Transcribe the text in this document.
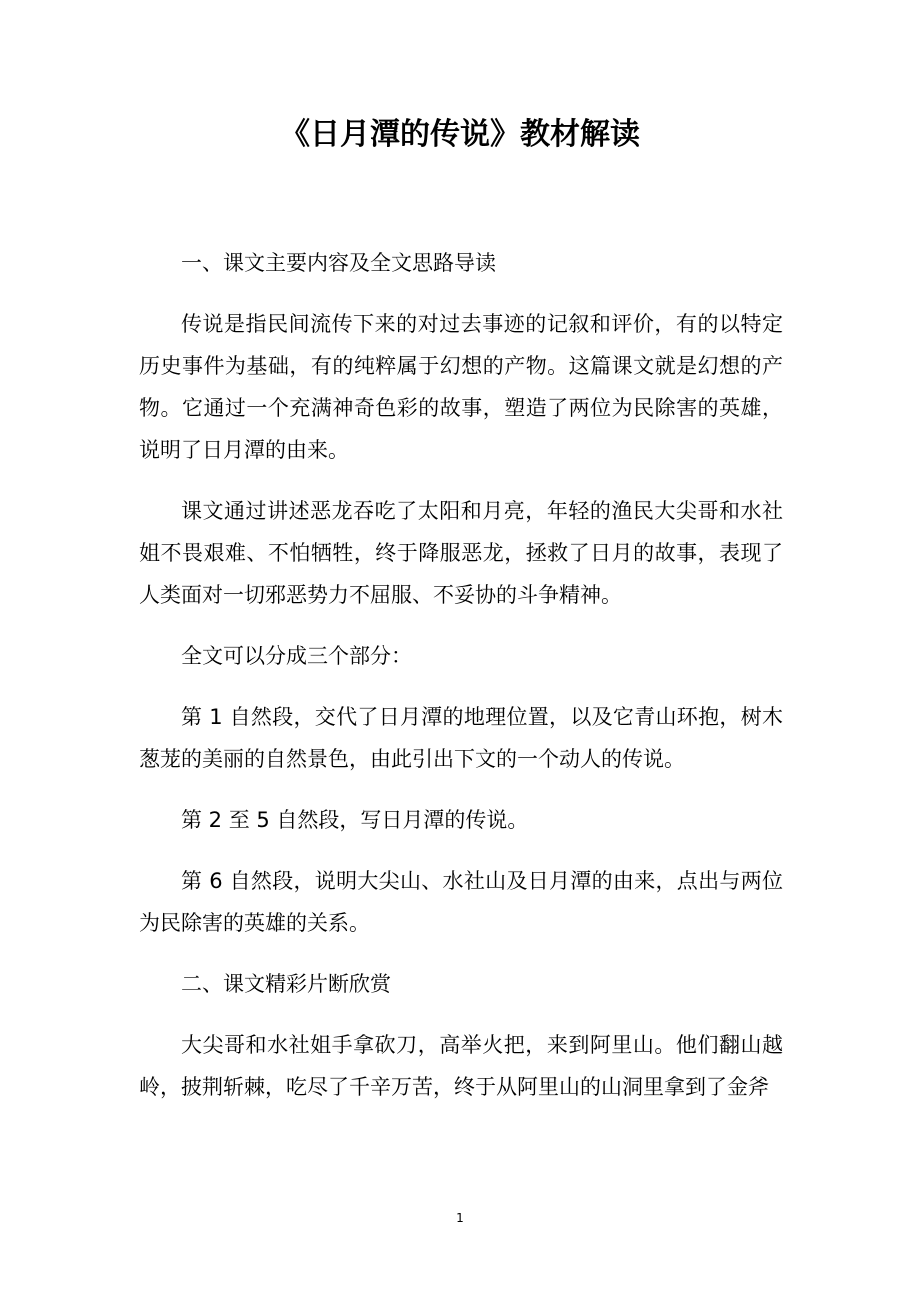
《日月潭的传说》教材解读

一、课文主要内容及全文思路导读

传说是指民间流传下来的对过去事迹的记叙和评价，有的以特定历史事件为基础，有的纯粹属于幻想的产物。这篇课文就是幻想的产物。它通过一个充满神奇色彩的故事，塑造了两位为民除害的英雄，说明了日月潭的由来。

课文通过讲述恶龙吞吃了太阳和月亮，年轻的渔民大尖哥和水社姐不畏艰难、不怕牺牲，终于降服恶龙，拯救了日月的故事，表现了人类面对一切邪恶势力不屈服、不妥协的斗争精神。

全文可以分成三个部分：

第 1 自然段，交代了日月潭的地理位置，以及它青山环抱，树木葱茏的美丽的自然景色，由此引出下文的一个动人的传说。

第 2 至 5 自然段，写日月潭的传说。

第 6 自然段，说明大尖山、水社山及日月潭的由来，点出与两位为民除害的英雄的关系。

二、课文精彩片断欣赏

大尖哥和水社姐手拿砍刀，高举火把，来到阿里山。他们翻山越岭，披荆斩棘，吃尽了千辛万苦，终于从阿里山的山洞里拿到了金斧

1
